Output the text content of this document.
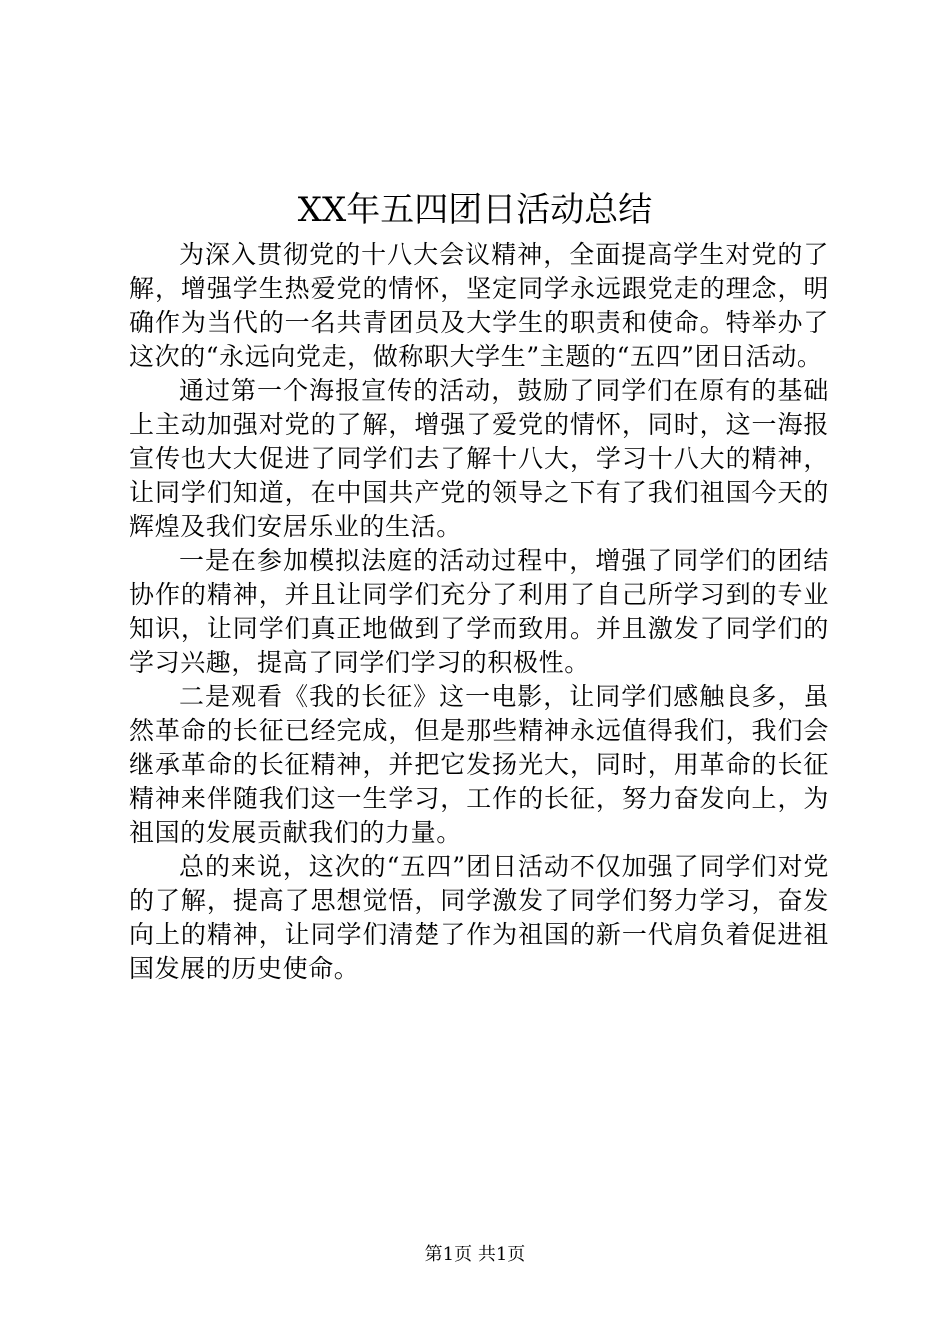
XX年五四团日活动总结

为深入贯彻党的十八大会议精神，全面提高学生对党的了解，增强学生热爱党的情怀，坚定同学永远跟党走的理念，明确作为当代的一名共青团员及大学生的职责和使命。特举办了这次的“永远向党走，做称职大学生”主题的“五四”团日活动。

通过第一个海报宣传的活动，鼓励了同学们在原有的基础上主动加强对党的了解，增强了爱党的情怀，同时，这一海报宣传也大大促进了同学们去了解十八大，学习十八大的精神，让同学们知道，在中国共产党的领导之下有了我们祖国今天的辉煌及我们安居乐业的生活。

一是在参加模拟法庭的活动过程中，增强了同学们的团结协作的精神，并且让同学们充分了利用了自己所学习到的专业知识，让同学们真正地做到了学而致用。并且激发了同学们的学习兴趣，提高了同学们学习的积极性。

二是观看《我的长征》这一电影，让同学们感触良多，虽然革命的长征已经完成，但是那些精神永远值得我们，我们会继承革命的长征精神，并把它发扬光大，同时，用革命的长征精神来伴随我们这一生学习，工作的长征，努力奋发向上，为祖国的发展贡献我们的力量。

总的来说，这次的“五四”团日活动不仅加强了同学们对党的了解，提高了思想觉悟，同学激发了同学们努力学习，奋发向上的精神，让同学们清楚了作为祖国的新一代肩负着促进祖国发展的历史使命。

第1页 共1页
